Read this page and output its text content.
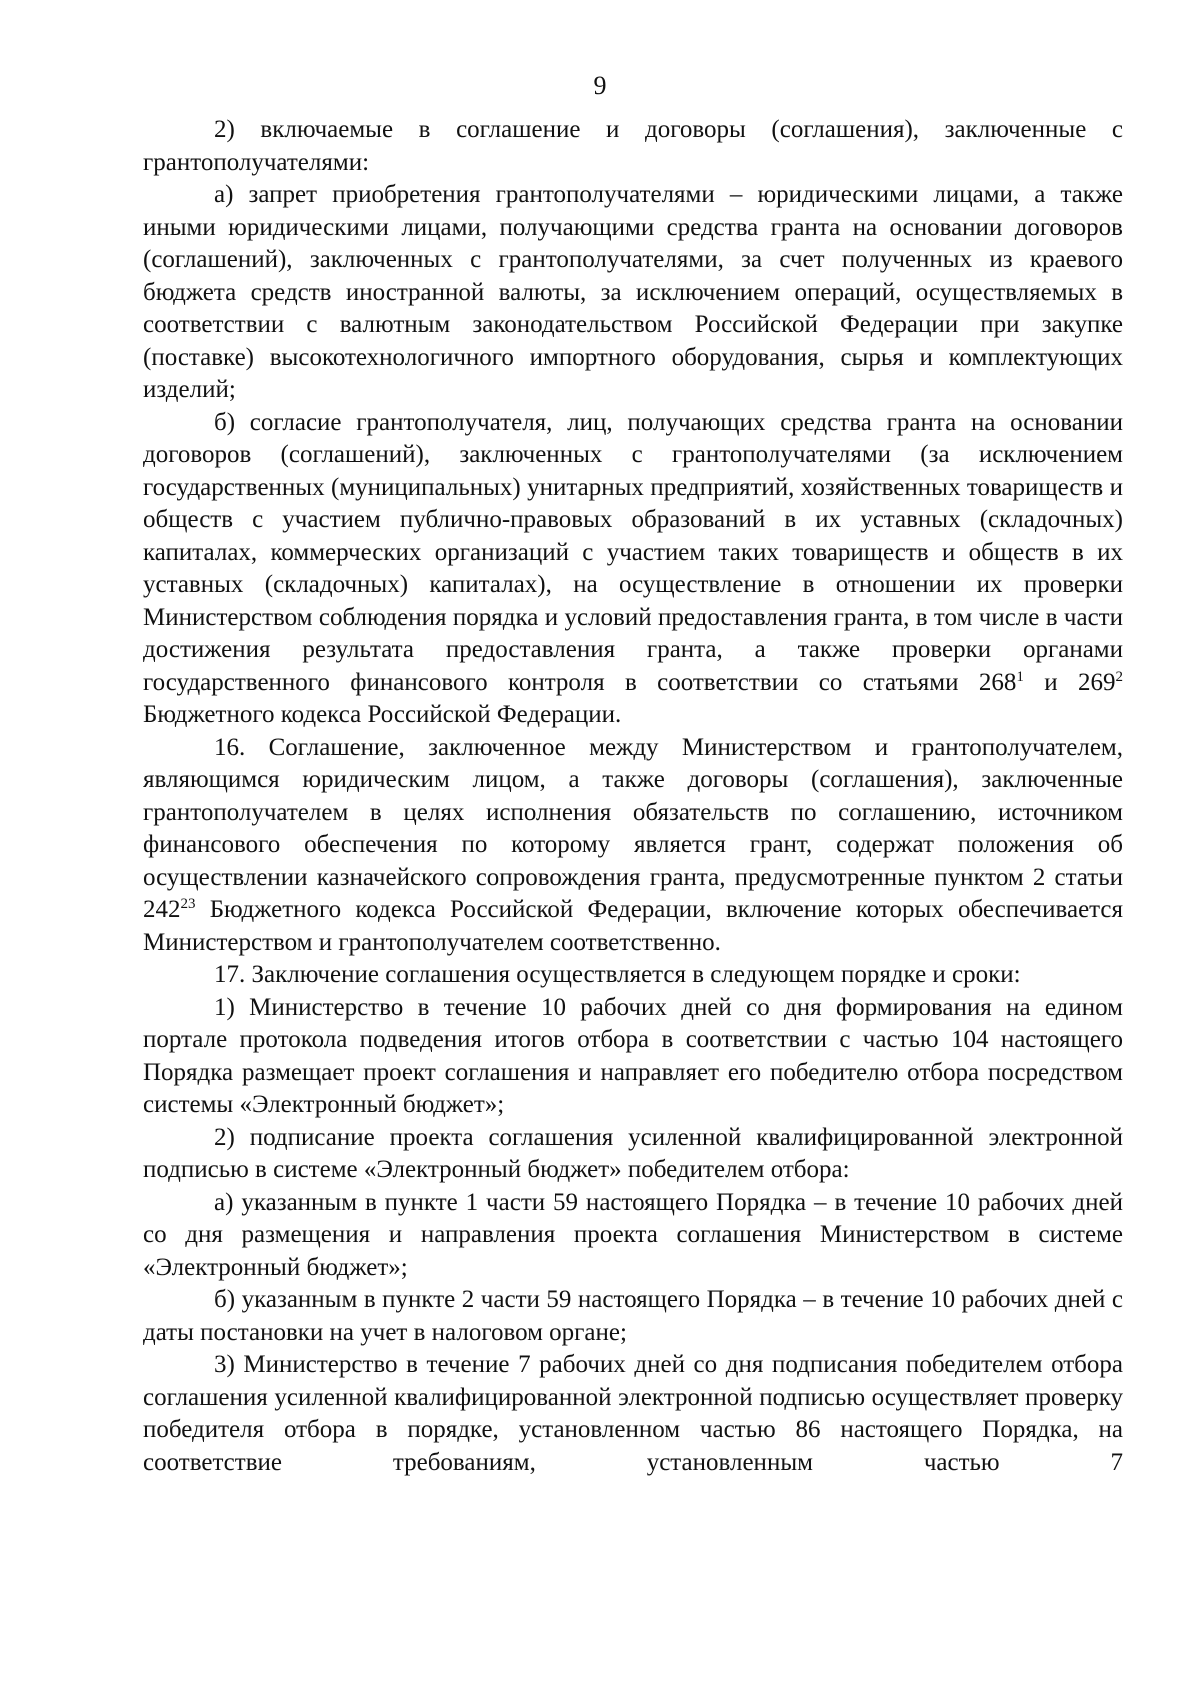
9

2) включаемые в соглашение и договоры (соглашения), заключенные с грантополучателями:

а) запрет приобретения грантополучателями – юридическими лицами, а также иными юридическими лицами, получающими средства гранта на основании договоров (соглашений), заключенных с грантополучателями, за счет полученных из краевого бюджета средств иностранной валюты, за исключением операций, осуществляемых в соответствии с валютным законодательством Российской Федерации при закупке (поставке) высокотехнологичного импортного оборудования, сырья и комплектующих изделий;

б) согласие грантополучателя, лиц, получающих средства гранта на основании договоров (соглашений), заключенных с грантополучателями (за исключением государственных (муниципальных) унитарных предприятий, хозяйственных товариществ и обществ с участием публично-правовых образований в их уставных (складочных) капиталах, коммерческих организаций с участием таких товариществ и обществ в их уставных (складочных) капиталах), на осуществление в отношении их проверки Министерством соблюдения порядка и условий предоставления гранта, в том числе в части достижения результата предоставления гранта, а также проверки органами государственного финансового контроля в соответствии со статьями $268^1$ и $269^2$ Бюджетного кодекса Российской Федерации.

16. Соглашение, заключенное между Министерством и грантополучателем, являющимся юридическим лицом, а также договоры (соглашения), заключенные грантополучателем в целях исполнения обязательств по соглашению, источником финансового обеспечения по которому является грант, содержат положения об осуществлении казначейского сопровождения гранта, предусмотренные пунктом 2 статьи $242^{23}$ Бюджетного кодекса Российской Федерации, включение которых обеспечивается Министерством и грантополучателем соответственно.

17. Заключение соглашения осуществляется в следующем порядке и сроки:

1) Министерство в течение 10 рабочих дней со дня формирования на едином портале протокола подведения итогов отбора в соответствии с частью 104 настоящего Порядка размещает проект соглашения и направляет его победителю отбора посредством системы «Электронный бюджет»;

2) подписание проекта соглашения усиленной квалифицированной электронной подписью в системе «Электронный бюджет» победителем отбора:

а) указанным в пункте 1 части 59 настоящего Порядка – в течение 10 рабочих дней со дня размещения и направления проекта соглашения Министерством в системе «Электронный бюджет»;

б) указанным в пункте 2 части 59 настоящего Порядка – в течение 10 рабочих дней с даты постановки на учет в налоговом органе;

3) Министерство в течение 7 рабочих дней со дня подписания победителем отбора соглашения усиленной квалифицированной электронной подписью осуществляет проверку победителя отбора в порядке, установленном частью 86 настоящего Порядка, на соответствие требованиям, установленным частью 7
